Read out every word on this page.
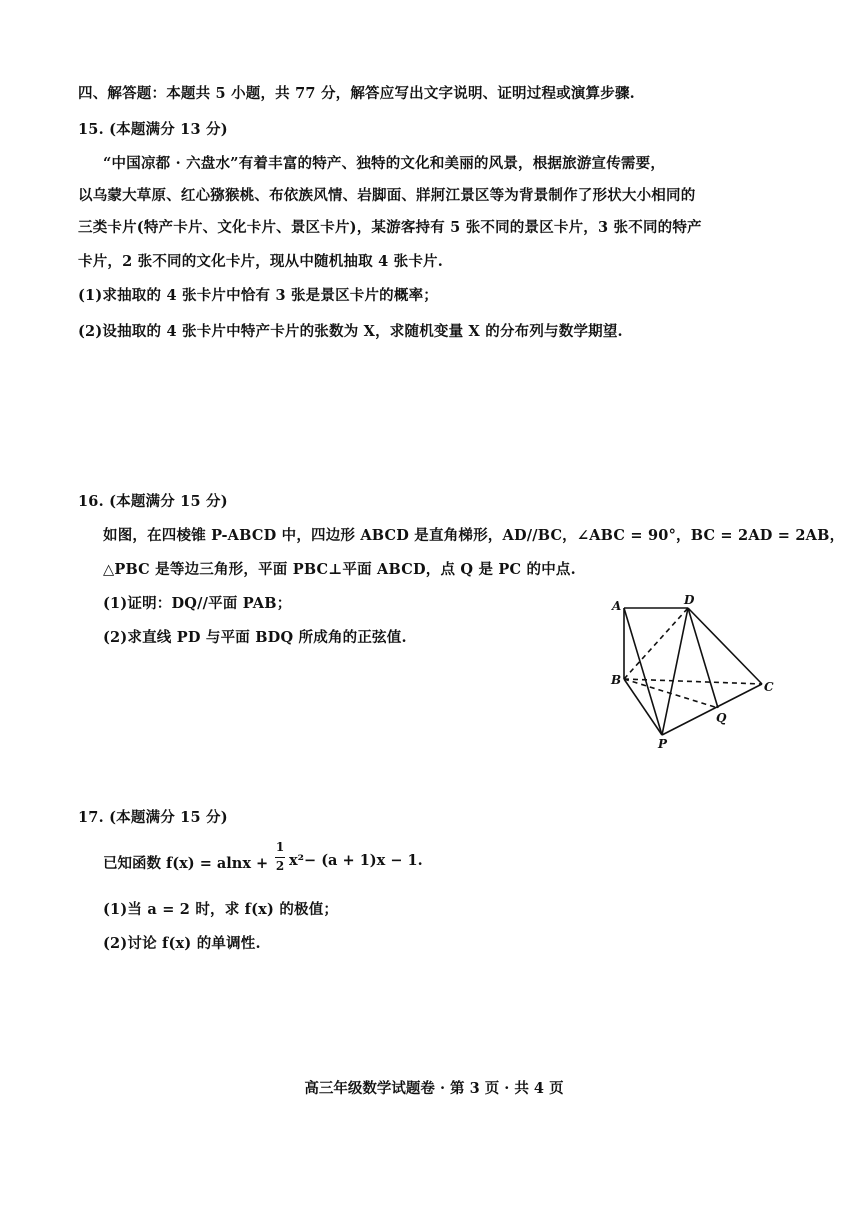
四、解答题：本题共 5 小题，共 77 分，解答应写出文字说明、证明过程或演算步骤.
15. (本题满分 13 分)
“中国凉都 · 六盘水”有着丰富的特产、独特的文化和美丽的风景，根据旅游宣传需要，
以乌蒙大草原、红心猕猴桃、布依族风情、岩脚面、牂牁江景区等为背景制作了形状大小相同的
三类卡片(特产卡片、文化卡片、景区卡片)，某游客持有 5 张不同的景区卡片，3 张不同的特产
卡片，2 张不同的文化卡片，现从中随机抽取 4 张卡片.
(1)求抽取的 4 张卡片中恰有 3 张是景区卡片的概率；
(2)设抽取的 4 张卡片中特产卡片的张数为 X，求随机变量 X 的分布列与数学期望.
16. (本题满分 15 分)
如图，在四棱锥 P-ABCD 中，四边形 ABCD 是直角梯形，AD//BC，∠ABC = 90°，BC = 2AD = 2AB，
△PBC 是等边三角形，平面 PBC⊥平面 ABCD，点 Q 是 PC 的中点.
(1)证明：DQ//平面 PAB；
(2)求直线 PD 与平面 BDQ 所成角的正弦值.
A	D
B	C
Q
P
17. (本题满分 15 分)
已知函数 f(x) = alnx +
1
2 x²− (a + 1)x − 1.
(1)当 a = 2 时，求 f(x) 的极值；
(2)讨论 f(x) 的单调性.
高三年级数学试题卷 · 第 3 页 · 共 4 页
